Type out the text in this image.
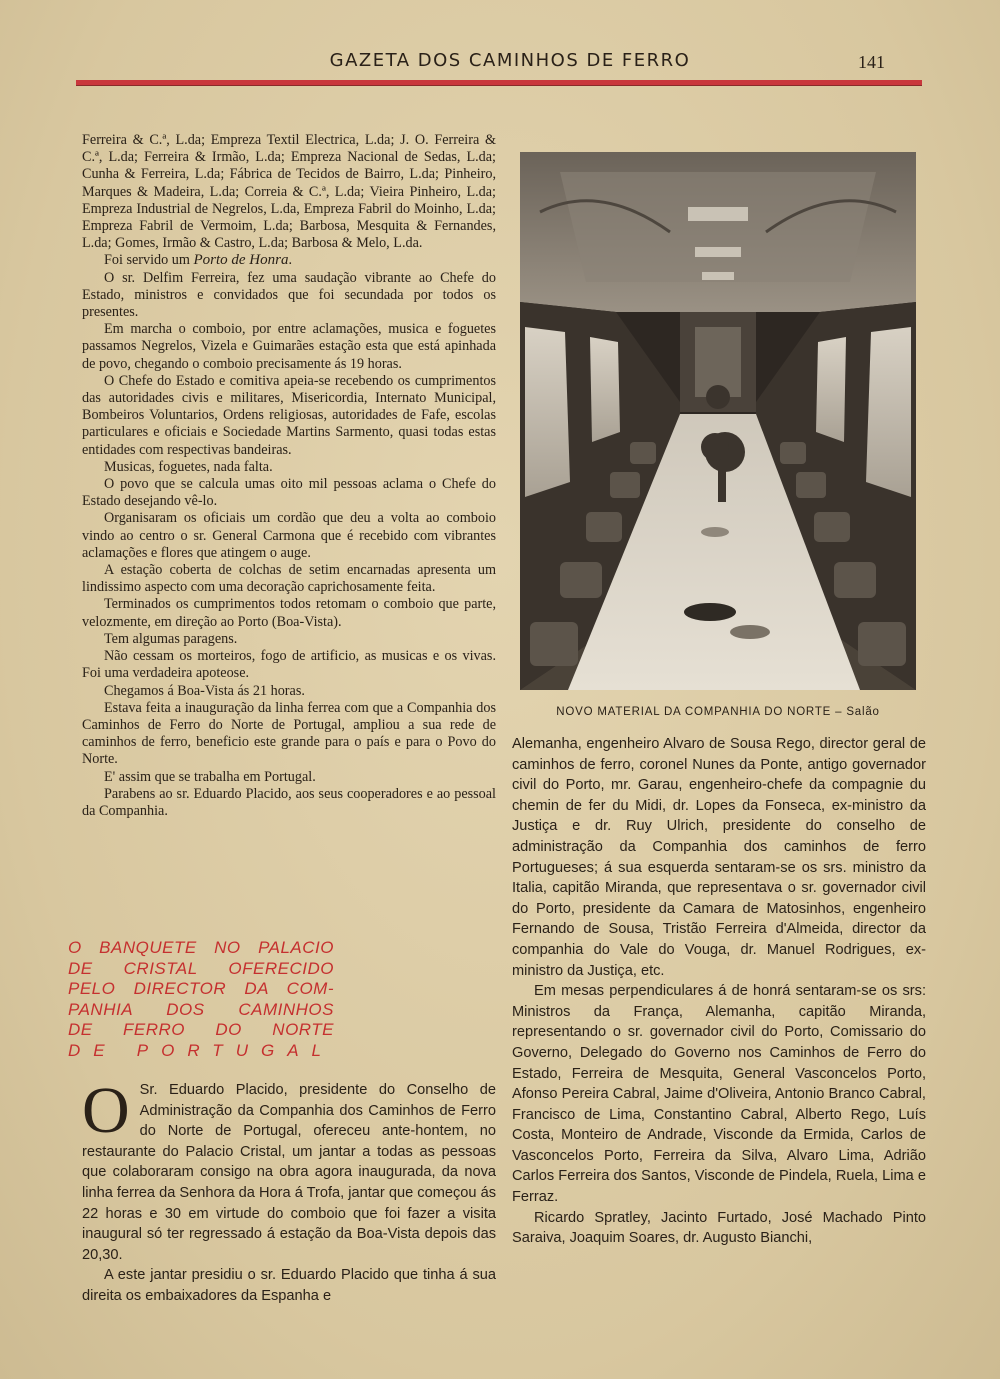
GAZETA DOS CAMINHOS DE FERRO	141

Ferreira & C.ª, L.da; Empreza Textil Electrica, L.da; J. O. Ferreira & C.ª, L.da; Ferreira & Irmão, L.da; Empreza Nacional de Sedas, L.da; Cunha & Ferreira, L.da; Fábrica de Tecidos de Bairro, L.da; Pinheiro, Marques & Madeira, L.da; Correia & C.ª, L.da; Vieira Pinheiro, L.da; Empreza Industrial de Negrelos, L.da, Empreza Fabril do Moinho, L.da; Empreza Fabril de Vermoim, L.da; Barbosa, Mesquita & Fernandes, L.da; Gomes, Irmão & Castro, L.da; Barbosa & Melo, L.da.

Foi servido um Porto de Honra.

O sr. Delfim Ferreira, fez uma saudação vibrante ao Chefe do Estado, ministros e convidados que foi secundada por todos os presentes.

Em marcha o comboio, por entre aclamações, musica e foguetes passamos Negrelos, Vizela e Guimarães estação esta que está apinhada de povo, chegando o comboio precisamente ás 19 horas.

O Chefe do Estado e comitiva apeia-se recebendo os cumprimentos das autoridades civis e militares, Misericordia, Internato Municipal, Bombeiros Voluntarios, Ordens religiosas, autoridades de Fafe, escolas particulares e oficiais e Sociedade Martins Sarmento, quasi todas estas entidades com respectivas bandeiras.

Musicas, foguetes, nada falta.

O povo que se calcula umas oito mil pessoas aclama o Chefe do Estado desejando vê-lo.

Organisaram os oficiais um cordão que deu a volta ao comboio vindo ao centro o sr. General Carmona que é recebido com vibrantes aclamações e flores que atingem o auge.

A estação coberta de colchas de setim encarnadas apresenta um lindissimo aspecto com uma decoração caprichosamente feita.

Terminados os cumprimentos todos retomam o comboio que parte, velozmente, em direção ao Porto (Boa-Vista).

Tem algumas paragens.

Não cessam os morteiros, fogo de artificio, as musicas e os vivas. Foi uma verdadeira apoteose.

Chegamos á Boa-Vista ás 21 horas.

Estava feita a inauguração da linha ferrea com que a Companhia dos Caminhos de Ferro do Norte de Portugal, ampliou a sua rede de caminhos de ferro, beneficio este grande para o país e para o Povo do Norte.

E' assim que se trabalha em Portugal.

Parabens ao sr. Eduardo Placido, aos seus cooperadores e ao pessoal da Companhia.

O BANQUETE NO PALACIO
DE CRISTAL OFERECIDO
PELO DIRECTOR DA COM-
PANHIA DOS CAMINHOS
DE FERRO DO NORTE
DE PORTUGAL
O Sr. Eduardo Placido, presidente do Conselho de Administração da Companhia dos Caminhos de Ferro do Norte de Portugal, ofereceu ante-hontem, no restaurante do Palacio Cristal, um jantar a todas as pessoas que colaboraram consigo na obra agora inaugurada, da nova linha ferrea da Senhora da Hora á Trofa, jantar que começou ás 22 horas e 30 em virtude do comboio que foi fazer a visita inaugural só ter regressado á estação da Boa-Vista depois das 20,30.

A este jantar presidiu o sr. Eduardo Placido que tinha á sua direita os embaixadores da Espanha e

NOVO MATERIAL DA COMPANHIA DO NORTE – Salão

Alemanha, engenheiro Alvaro de Sousa Rego, director geral de caminhos de ferro, coronel Nunes da Ponte, antigo governador civil do Porto, mr. Garau, engenheiro-chefe da compagnie du chemin de fer du Midi, dr. Lopes da Fonseca, ex-ministro da Justiça e dr. Ruy Ulrich, presidente do conselho de administração da Companhia dos caminhos de ferro Portugueses; á sua esquerda sentaram-se os srs. ministro da Italia, capitão Miranda, que representava o sr. governador civil do Porto, presidente da Camara de Matosinhos, engenheiro Fernando de Sousa, Tristão Ferreira d'Almeida, director da companhia do Vale do Vouga, dr. Manuel Rodrigues, ex-ministro da Justiça, etc.

Em mesas perpendiculares á de honrá sentaram-se os srs: Ministros da França, Alemanha, capitão Miranda, representando o sr. governador civil do Porto, Comissario do Governo, Delegado do Governo nos Caminhos de Ferro do Estado, Ferreira de Mesquita, General Vasconcelos Porto, Afonso Pereira Cabral, Jaime d'Oliveira, Antonio Branco Cabral, Francisco de Lima, Constantino Cabral, Alberto Rego, Luís Costa, Monteiro de Andrade, Visconde da Ermida, Carlos de Vasconcelos Porto, Ferreira da Silva, Alvaro Lima, Adrião Carlos Ferreira dos Santos, Visconde de Pindela, Ruela, Lima e Ferraz.

Ricardo Spratley, Jacinto Furtado, José Machado Pinto Saraiva, Joaquim Soares, dr. Augusto Bianchi,
